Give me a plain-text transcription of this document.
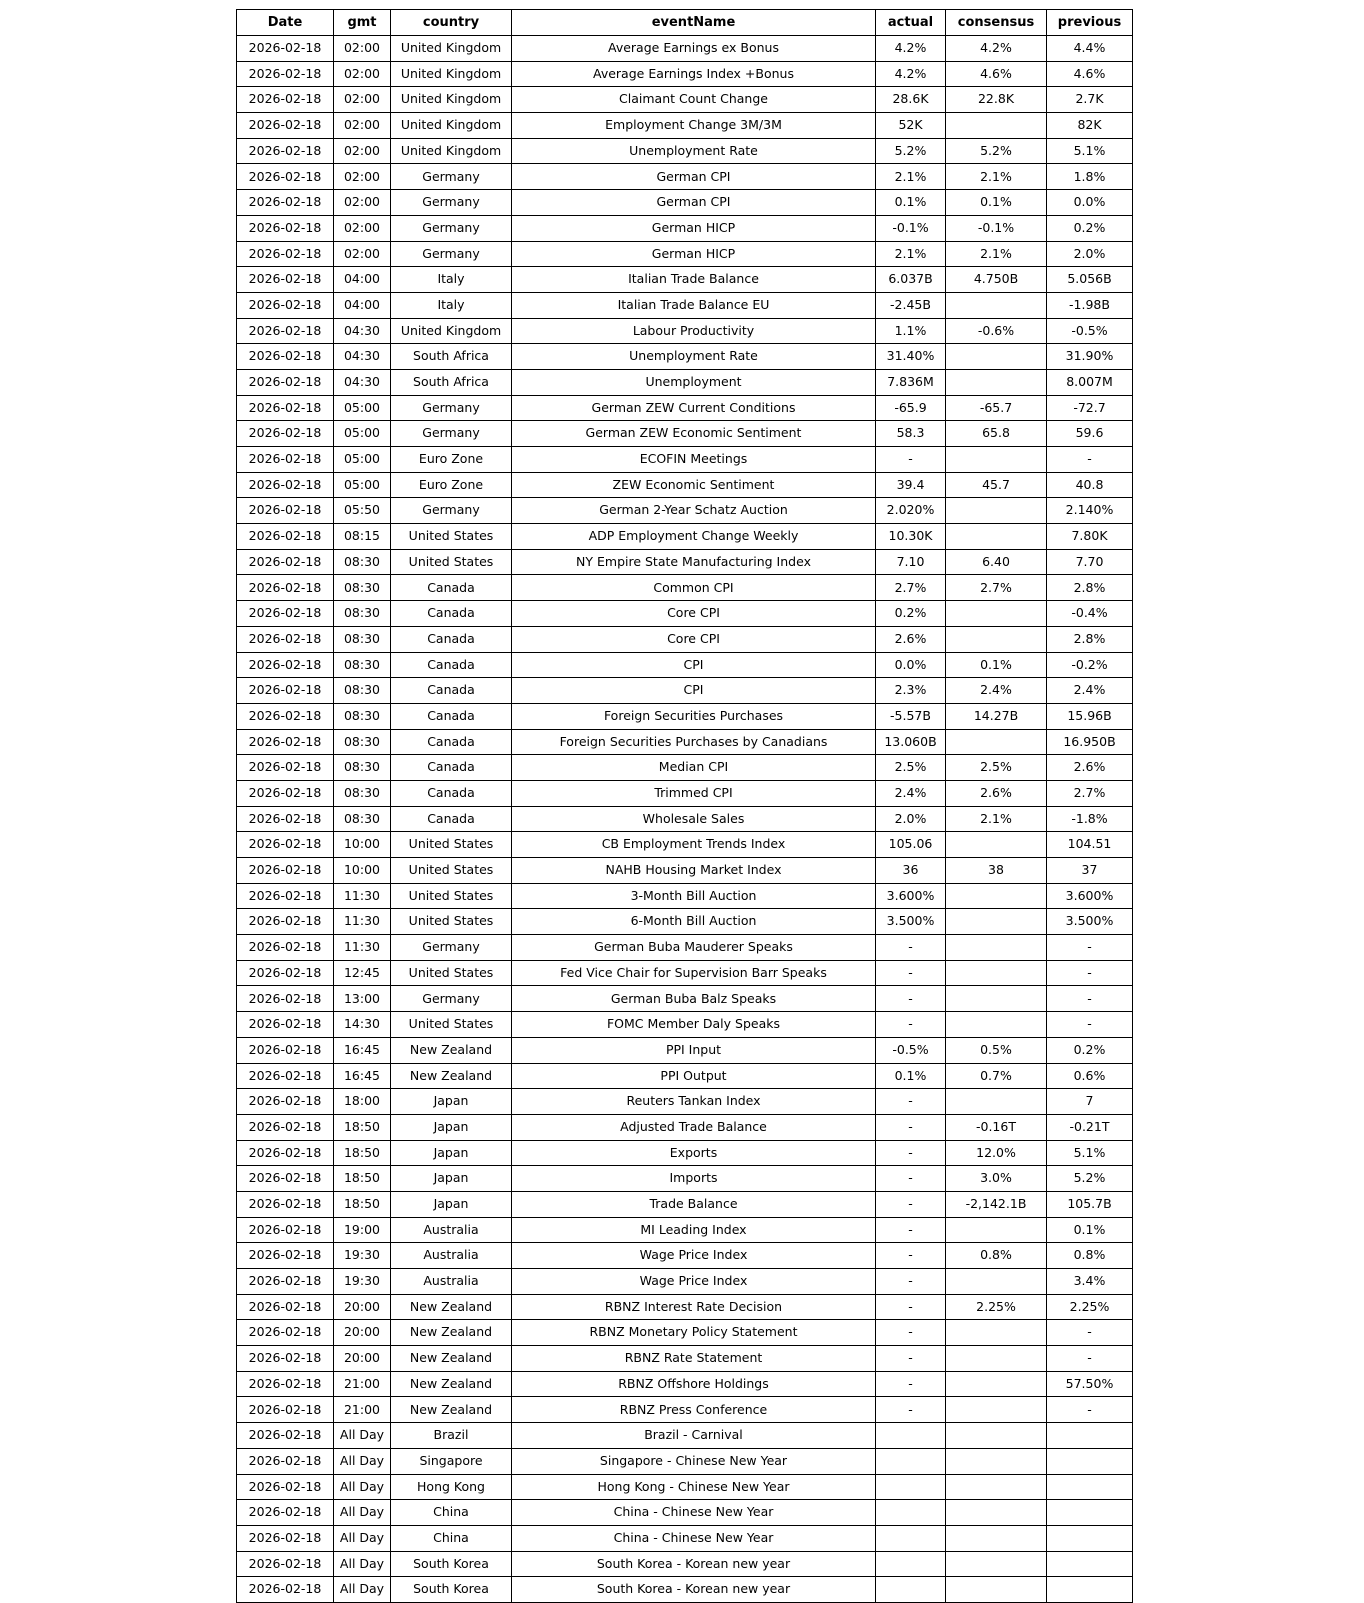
Date	gmt	country	eventName	actual	consensus	previous
2026-02-18	02:00	United Kingdom	Average Earnings ex Bonus	4.2%	4.2%	4.4%
2026-02-18	02:00	United Kingdom	Average Earnings Index +Bonus	4.2%	4.6%	4.6%
2026-02-18	02:00	United Kingdom	Claimant Count Change	28.6K	22.8K	2.7K
2026-02-18	02:00	United Kingdom	Employment Change 3M/3M	52K		82K
2026-02-18	02:00	United Kingdom	Unemployment Rate	5.2%	5.2%	5.1%
2026-02-18	02:00	Germany	German CPI	2.1%	2.1%	1.8%
2026-02-18	02:00	Germany	German CPI	0.1%	0.1%	0.0%
2026-02-18	02:00	Germany	German HICP	-0.1%	-0.1%	0.2%
2026-02-18	02:00	Germany	German HICP	2.1%	2.1%	2.0%
2026-02-18	04:00	Italy	Italian Trade Balance	6.037B	4.750B	5.056B
2026-02-18	04:00	Italy	Italian Trade Balance EU	-2.45B		-1.98B
2026-02-18	04:30	United Kingdom	Labour Productivity	1.1%	-0.6%	-0.5%
2026-02-18	04:30	South Africa	Unemployment Rate	31.40%		31.90%
2026-02-18	04:30	South Africa	Unemployment	7.836M		8.007M
2026-02-18	05:00	Germany	German ZEW Current Conditions	-65.9	-65.7	-72.7
2026-02-18	05:00	Germany	German ZEW Economic Sentiment	58.3	65.8	59.6
2026-02-18	05:00	Euro Zone	ECOFIN Meetings	-		-
2026-02-18	05:00	Euro Zone	ZEW Economic Sentiment	39.4	45.7	40.8
2026-02-18	05:50	Germany	German 2-Year Schatz Auction	2.020%		2.140%
2026-02-18	08:15	United States	ADP Employment Change Weekly	10.30K		7.80K
2026-02-18	08:30	United States	NY Empire State Manufacturing Index	7.10	6.40	7.70
2026-02-18	08:30	Canada	Common CPI	2.7%	2.7%	2.8%
2026-02-18	08:30	Canada	Core CPI	0.2%		-0.4%
2026-02-18	08:30	Canada	Core CPI	2.6%		2.8%
2026-02-18	08:30	Canada	CPI	0.0%	0.1%	-0.2%
2026-02-18	08:30	Canada	CPI	2.3%	2.4%	2.4%
2026-02-18	08:30	Canada	Foreign Securities Purchases	-5.57B	14.27B	15.96B
2026-02-18	08:30	Canada	Foreign Securities Purchases by Canadians	13.060B		16.950B
2026-02-18	08:30	Canada	Median CPI	2.5%	2.5%	2.6%
2026-02-18	08:30	Canada	Trimmed CPI	2.4%	2.6%	2.7%
2026-02-18	08:30	Canada	Wholesale Sales	2.0%	2.1%	-1.8%
2026-02-18	10:00	United States	CB Employment Trends Index	105.06		104.51
2026-02-18	10:00	United States	NAHB Housing Market Index	36	38	37
2026-02-18	11:30	United States	3-Month Bill Auction	3.600%		3.600%
2026-02-18	11:30	United States	6-Month Bill Auction	3.500%		3.500%
2026-02-18	11:30	Germany	German Buba Mauderer Speaks	-		-
2026-02-18	12:45	United States	Fed Vice Chair for Supervision Barr Speaks	-		-
2026-02-18	13:00	Germany	German Buba Balz Speaks	-		-
2026-02-18	14:30	United States	FOMC Member Daly Speaks	-		-
2026-02-18	16:45	New Zealand	PPI Input	-0.5%	0.5%	0.2%
2026-02-18	16:45	New Zealand	PPI Output	0.1%	0.7%	0.6%
2026-02-18	18:00	Japan	Reuters Tankan Index	-		7
2026-02-18	18:50	Japan	Adjusted Trade Balance	-	-0.16T	-0.21T
2026-02-18	18:50	Japan	Exports	-	12.0%	5.1%
2026-02-18	18:50	Japan	Imports	-	3.0%	5.2%
2026-02-18	18:50	Japan	Trade Balance	-	-2,142.1B	105.7B
2026-02-18	19:00	Australia	MI Leading Index	-		0.1%
2026-02-18	19:30	Australia	Wage Price Index	-	0.8%	0.8%
2026-02-18	19:30	Australia	Wage Price Index	-		3.4%
2026-02-18	20:00	New Zealand	RBNZ Interest Rate Decision	-	2.25%	2.25%
2026-02-18	20:00	New Zealand	RBNZ Monetary Policy Statement	-		-
2026-02-18	20:00	New Zealand	RBNZ Rate Statement	-		-
2026-02-18	21:00	New Zealand	RBNZ Offshore Holdings	-		57.50%
2026-02-18	21:00	New Zealand	RBNZ Press Conference	-		-
2026-02-18	All Day	Brazil	Brazil - Carnival			
2026-02-18	All Day	Singapore	Singapore - Chinese New Year			
2026-02-18	All Day	Hong Kong	Hong Kong - Chinese New Year			
2026-02-18	All Day	China	China - Chinese New Year			
2026-02-18	All Day	China	China - Chinese New Year			
2026-02-18	All Day	South Korea	South Korea - Korean new year			
2026-02-18	All Day	South Korea	South Korea - Korean new year			
